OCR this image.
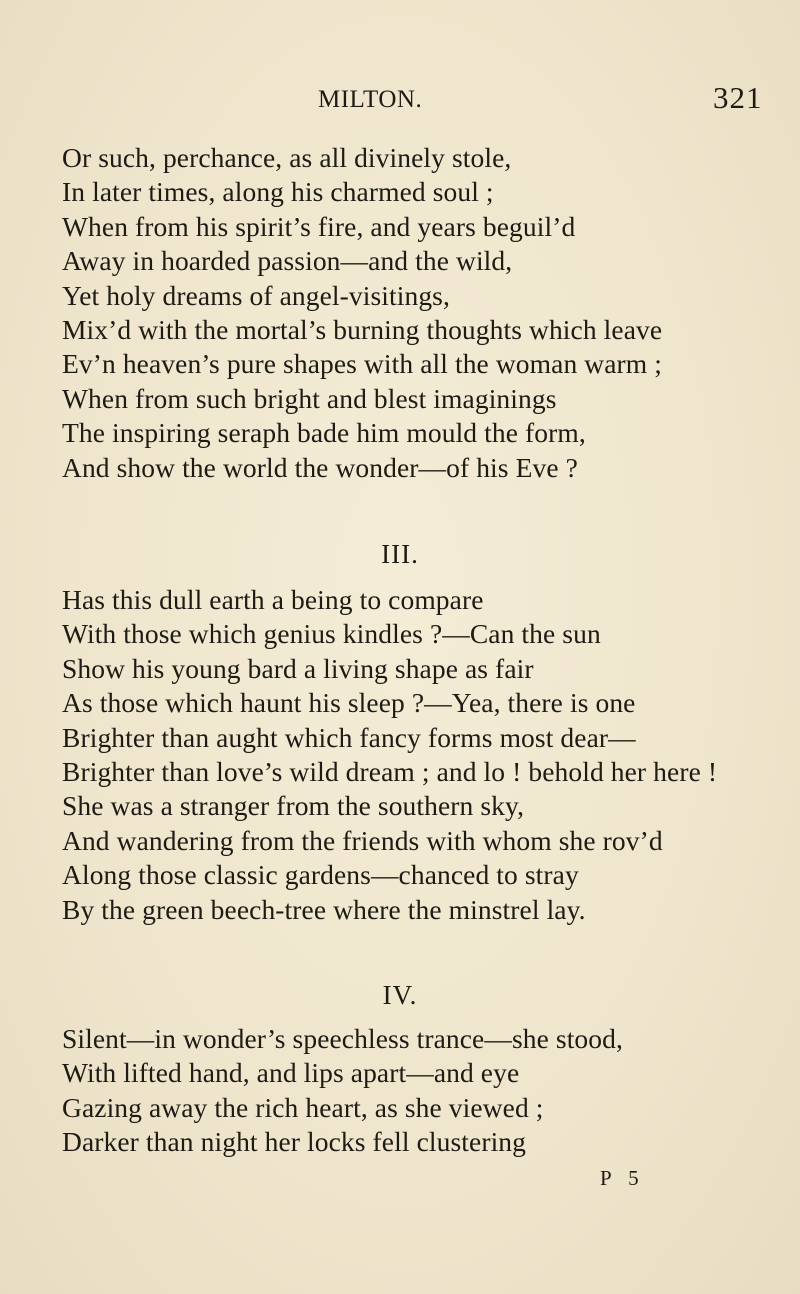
MILTON.	321
Or such, perchance, as all divinely stole,
In later times, along his charmed soul ;
When from his spirit’s fire, and years beguil’d
Away in hoarded passion—and the wild,
Yet holy dreams of angel-visitings,
Mix’d with the mortal’s burning thoughts which leave
Ev’n heaven’s pure shapes with all the woman warm ;
When from such bright and blest imaginings
The inspiring seraph bade him mould the form,
And show the world the wonder—of his Eve ?
III.
Has this dull earth a being to compare
With those which genius kindles ?—Can the sun
Show his young bard a living shape as fair
As those which haunt his sleep ?—Yea, there is one
Brighter than aught which fancy forms most dear—
Brighter than love’s wild dream ; and lo ! behold her here !
She was a stranger from the southern sky,
And wandering from the friends with whom she rov’d
Along those classic gardens—chanced to stray
By the green beech-tree where the minstrel lay.
IV.
Silent—in wonder’s speechless trance—she stood,
With lifted hand, and lips apart—and eye
Gazing away the rich heart, as she viewed ;
Darker than night her locks fell clustering
P 5
